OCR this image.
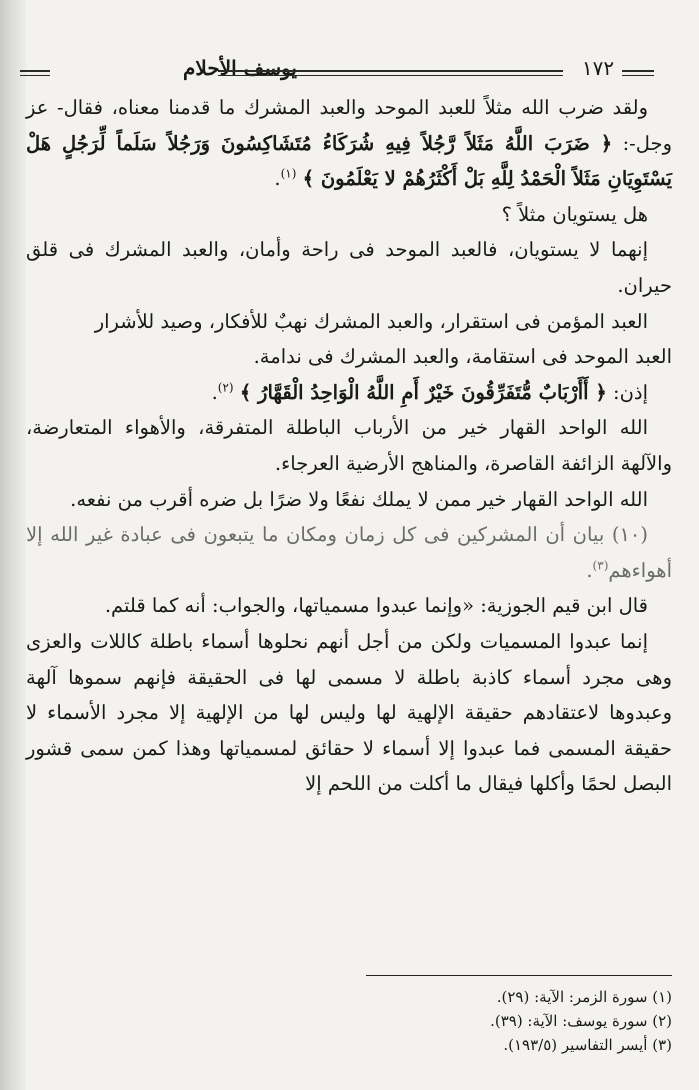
يوسف الأحلام	١٧٢

ولقد ضرب الله مثلاً للعبد الموحد والعبد المشرك ما قدمنا معناه، فقال- عز وجل-: ﴿ ضَرَبَ اللَّهُ مَثَلاً رَّجُلاً فِيهِ شُرَكَاءُ مُتَشَاكِسُونَ وَرَجُلاً سَلَماً لِّرَجُلٍ هَلْ يَسْتَوِيَانِ مَثَلاً الْحَمْدُ لِلَّهِ بَلْ أَكْثَرُهُمْ لا يَعْلَمُونَ ﴾ $^{(١)}$.

هل يستويان مثلاً ؟

إنهما لا يستويان، فالعبد الموحد فى راحة وأمان، والعبد المشرك فى قلق حيران.

العبد المؤمن فى استقرار، والعبد المشرك نهبٌ للأفكار، وصيد للأشرار

العبد الموحد فى استقامة، والعبد المشرك فى ندامة.

إذن: ﴿ أَأَرْبَابٌ مُّتَفَرِّقُونَ خَيْرٌ أَمِ اللَّهُ الْوَاحِدُ الْقَهَّارُ ﴾ $^{(٢)}$.

الله الواحد القهار خير من الأرباب الباطلة المتفرقة، والأهواء المتعارضة، والآلهة الزائفة القاصرة، والمناهج الأرضية العرجاء.

الله الواحد القهار خير ممن لا يملك نفعًا ولا ضرًا بل ضره أقرب من نفعه.

(١٠) بيان أن المشركين فى كل زمان ومكان ما يتبعون فى عبادة غير الله إلا أهواءهم$^{(٣)}$.

قال ابن قيم الجوزية: «وإنما عبدوا مسمياتها، والجواب: أنه كما قلتم.

إنما عبدوا المسميات ولكن من أجل أنهم نحلوها أسماء باطلة كاللات والعزى وهى مجرد أسماء كاذبة باطلة لا مسمى لها فى الحقيقة فإنهم سموها آلهة وعبدوها لاعتقادهم حقيقة الإلهية لها وليس لها من الإلهية إلا مجرد الأسماء لا حقيقة المسمى فما عبدوا إلا أسماء لا حقائق لمسمياتها وهذا كمن سمى قشور البصل لحمًا وأكلها فيقال ما أكلت من اللحم إلا

(١) سورة الزمر: الآية: (٢٩).
(٢) سورة يوسف: الآية: (٣٩).
(٣) أيسر التفاسير (١٩٣/٥).
